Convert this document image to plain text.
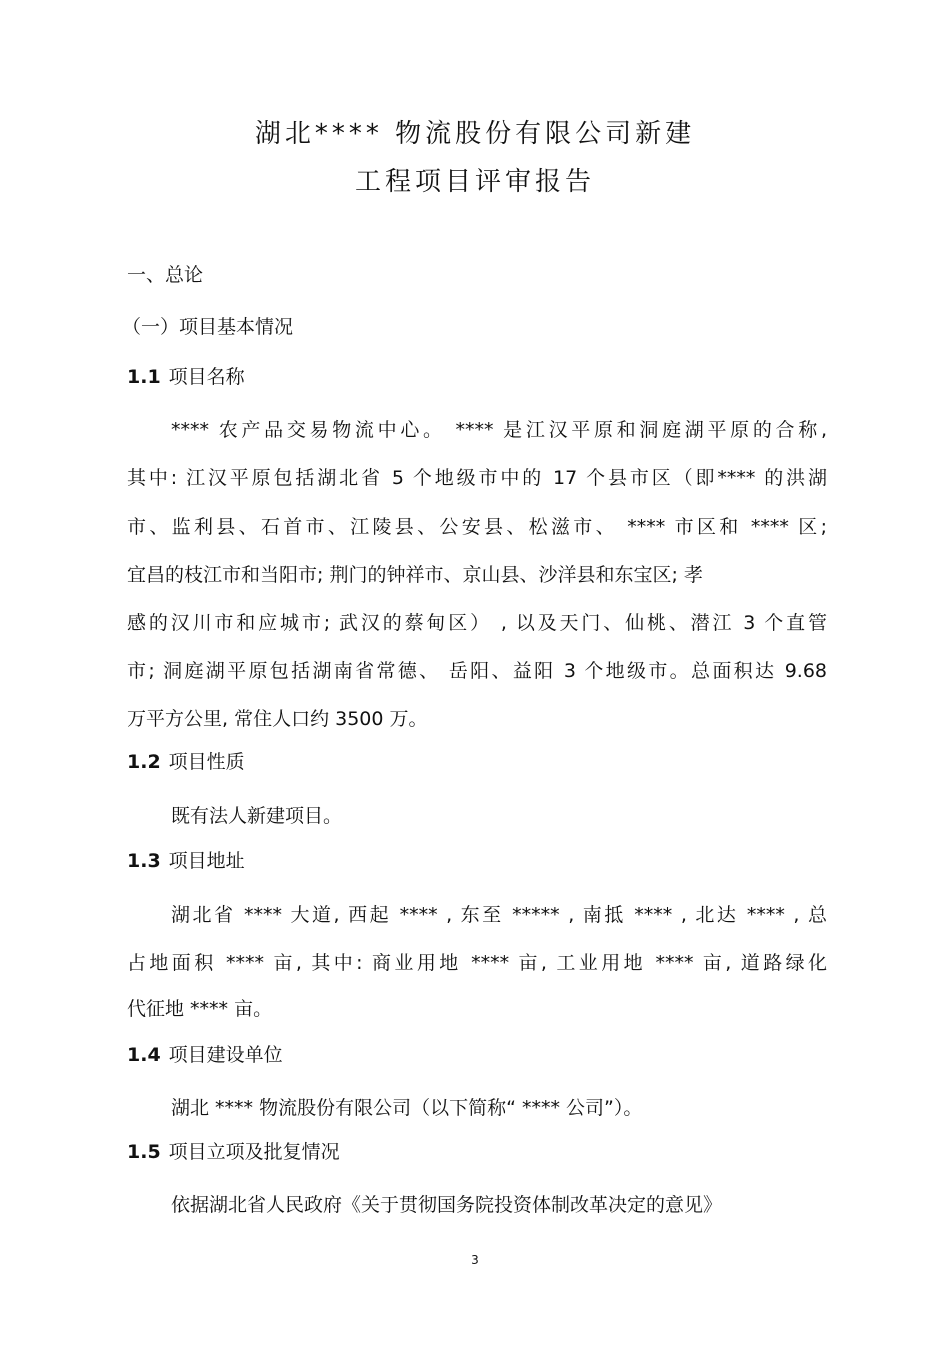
湖北**** 物流股份有限公司新建
工程项目评审报告
一、总论
（一）项目基本情况
1.1 项目名称
**** 农产品交易物流中心。 **** 是江汉平原和洞庭湖平原的合称,
其中: 江汉平原包括湖北省 5 个地级市中的 17 个县市区（即**** 的洪湖
市、监利县、石首市、江陵县、公安县、松滋市、 **** 市区和 **** 区;
宜昌的枝江市和当阳市; 荆门的钟祥市、京山县、沙洋县和东宝区; 孝
感的汉川市和应城市; 武汉的蔡甸区） , 以及天门、仙桃、潜江 3 个直管
市; 洞庭湖平原包括湖南省常德、 岳阳、益阳 3 个地级市。总面积达 9.68
万平方公里, 常住人口约 3500 万。
1.2 项目性质
既有法人新建项目。
1.3 项目地址
湖北省 **** 大道, 西起 **** , 东至 ***** , 南抵 **** , 北达 **** , 总
占地面积 **** 亩, 其中: 商业用地 **** 亩, 工业用地 **** 亩, 道路绿化
代征地 **** 亩。
1.4 项目建设单位
湖北 **** 物流股份有限公司（以下简称“ **** 公司”）。
1.5 项目立项及批复情况
依据湖北省人民政府《关于贯彻国务院投资体制改革决定的意见》
3
